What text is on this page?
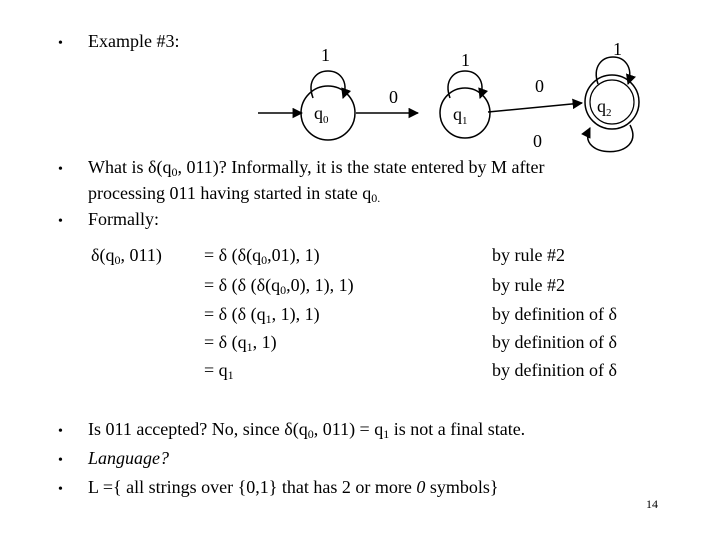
$q_0$	$q_1$
$q_2$
1
0
1
0
1
0
• Example #3:
• What is $\delta(q_0$, 011)? Informally, it is the state entered by M after
processing 011 having started in state $q_{0.}$
• Formally:
$\delta(q_0$, 011) = δ ($\delta(q_0,01)$, 1)
= δ (δ ($\delta(q_0,0)$, 1), 1)
= δ (δ ($q_1$, 1), 1)
= δ ($q_1$, 1)
= $q_1$
by rule #2
by rule #2
by definition of δ
by definition of δ
by definition of δ
• Is 011 accepted? No, since $\delta(q_0$, $011) = q_1$ is not a final state.
• Language?
• L ={ all strings over {0,1} that has 2 or more 0 symbols}
14
